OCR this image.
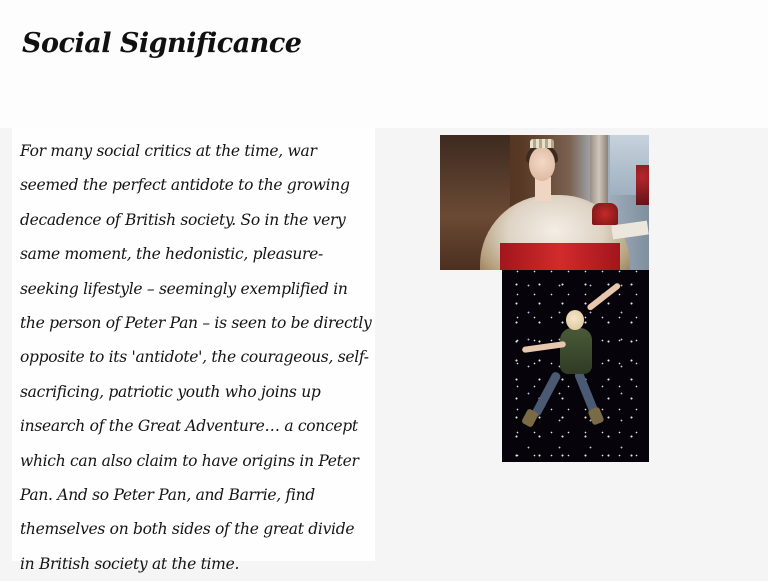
Social Significance

For many social critics at the time, war seemed the perfect antidote to the growing decadence of British society. So in the very same moment, the hedonistic, pleasure-seeking lifestyle – seemingly exemplified in the person of Peter Pan – is seen to be directly opposite to its 'antidote', the courageous, self-sacrificing, patriotic youth who joins up insearch of the Great Adventure… a concept which can also claim to have origins in Peter Pan. And so Peter Pan, and Barrie, find themselves on both sides of the great divide in British society at the time.
